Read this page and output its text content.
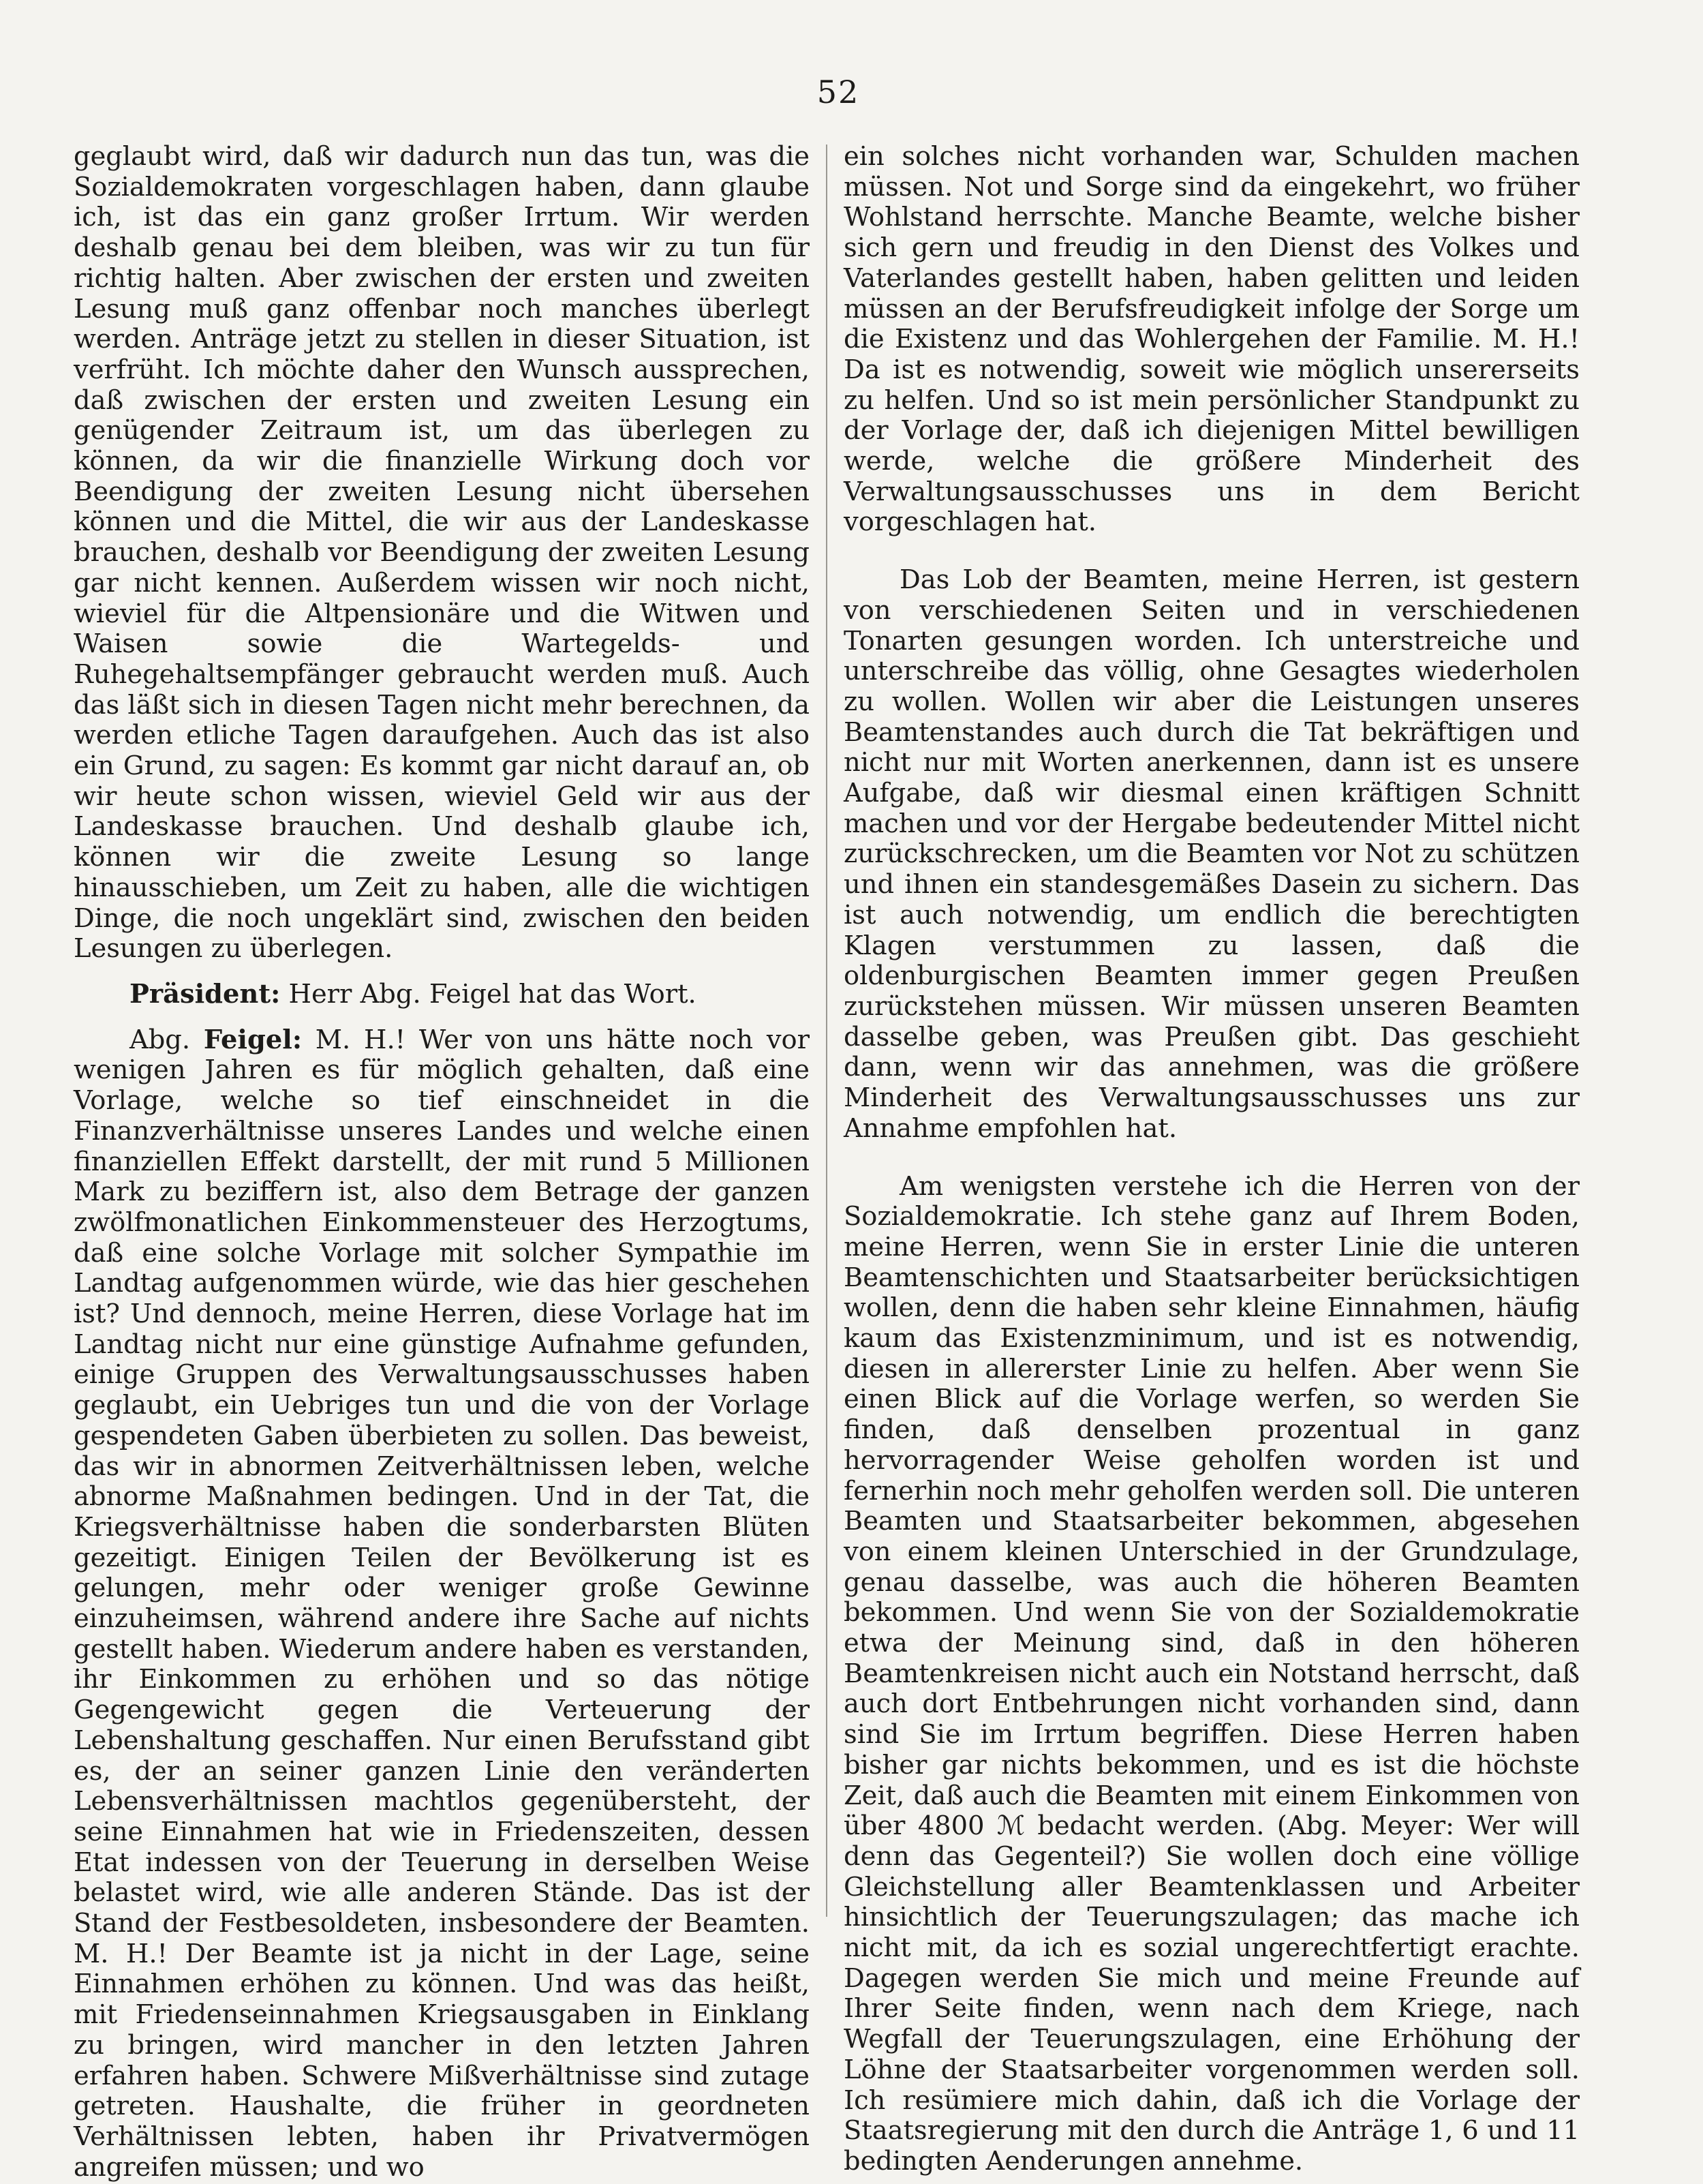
52

geglaubt wird, daß wir dadurch nun das tun, was die Sozialdemokraten vorgeschlagen haben, dann glaube ich, ist das ein ganz großer Irrtum. Wir werden deshalb genau bei dem bleiben, was wir zu tun für richtig halten. Aber zwischen der ersten und zweiten Lesung muß ganz offenbar noch manches überlegt werden. Anträge jetzt zu stellen in dieser Situation, ist verfrüht. Ich möchte daher den Wunsch aussprechen, daß zwischen der ersten und zweiten Lesung ein genügender Zeitraum ist, um das überlegen zu können, da wir die finanzielle Wirkung doch vor Beendigung der zweiten Lesung nicht übersehen können und die Mittel, die wir aus der Landeskasse brauchen, deshalb vor Beendigung der zweiten Lesung gar nicht kennen. Außerdem wissen wir noch nicht, wieviel für die Altpensionäre und die Witwen und Waisen sowie die Wartegelds- und Ruhegehaltsempfänger gebraucht werden muß. Auch das läßt sich in diesen Tagen nicht mehr berechnen, da werden etliche Tagen daraufgehen. Auch das ist also ein Grund, zu sagen: Es kommt gar nicht darauf an, ob wir heute schon wissen, wieviel Geld wir aus der Landeskasse brauchen. Und deshalb glaube ich, können wir die zweite Lesung so lange hinausschieben, um Zeit zu haben, alle die wichtigen Dinge, die noch ungeklärt sind, zwischen den beiden Lesungen zu überlegen.

Präsident: Herr Abg. Feigel hat das Wort.

Abg. Feigel: M. H.! Wer von uns hätte noch vor wenigen Jahren es für möglich gehalten, daß eine Vorlage, welche so tief einschneidet in die Finanzverhältnisse unseres Landes und welche einen finanziellen Effekt darstellt, der mit rund 5 Millionen Mark zu beziffern ist, also dem Betrage der ganzen zwölfmonatlichen Einkommensteuer des Herzogtums, daß eine solche Vorlage mit solcher Sympathie im Landtag aufgenommen würde, wie das hier geschehen ist? Und dennoch, meine Herren, diese Vorlage hat im Landtag nicht nur eine günstige Aufnahme gefunden, einige Gruppen des Verwaltungsausschusses haben geglaubt, ein Uebriges tun und die von der Vorlage gespendeten Gaben überbieten zu sollen. Das beweist, das wir in abnormen Zeitverhältnissen leben, welche abnorme Maßnahmen bedingen. Und in der Tat, die Kriegsverhältnisse haben die sonderbarsten Blüten gezeitigt. Einigen Teilen der Bevölkerung ist es gelungen, mehr oder weniger große Gewinne einzuheimsen, während andere ihre Sache auf nichts gestellt haben. Wiederum andere haben es verstanden, ihr Einkommen zu erhöhen und so das nötige Gegengewicht gegen die Verteuerung der Lebenshaltung geschaffen. Nur einen Berufsstand gibt es, der an seiner ganzen Linie den veränderten Lebensverhältnissen machtlos gegenübersteht, der seine Einnahmen hat wie in Friedenszeiten, dessen Etat indessen von der Teuerung in derselben Weise belastet wird, wie alle anderen Stände. Das ist der Stand der Festbesoldeten, insbesondere der Beamten. M. H.! Der Beamte ist ja nicht in der Lage, seine Einnahmen erhöhen zu können. Und was das heißt, mit Friedenseinnahmen Kriegsausgaben in Einklang zu bringen, wird mancher in den letzten Jahren erfahren haben. Schwere Mißverhältnisse sind zutage getreten. Haushalte, die früher in geordneten Verhältnissen lebten, haben ihr Privatvermögen angreifen müssen; und wo

ein solches nicht vorhanden war, Schulden machen müssen. Not und Sorge sind da eingekehrt, wo früher Wohlstand herrschte. Manche Beamte, welche bisher sich gern und freudig in den Dienst des Volkes und Vaterlandes gestellt haben, haben gelitten und leiden müssen an der Berufsfreudigkeit infolge der Sorge um die Existenz und das Wohlergehen der Familie. M. H.! Da ist es notwendig, soweit wie möglich unsererseits zu helfen. Und so ist mein persönlicher Standpunkt zu der Vorlage der, daß ich diejenigen Mittel bewilligen werde, welche die größere Minderheit des Verwaltungsausschusses uns in dem Bericht vorgeschlagen hat.

Das Lob der Beamten, meine Herren, ist gestern von verschiedenen Seiten und in verschiedenen Tonarten gesungen worden. Ich unterstreiche und unterschreibe das völlig, ohne Gesagtes wiederholen zu wollen. Wollen wir aber die Leistungen unseres Beamtenstandes auch durch die Tat bekräftigen und nicht nur mit Worten anerkennen, dann ist es unsere Aufgabe, daß wir diesmal einen kräftigen Schnitt machen und vor der Hergabe bedeutender Mittel nicht zurückschrecken, um die Beamten vor Not zu schützen und ihnen ein standesgemäßes Dasein zu sichern. Das ist auch notwendig, um endlich die berechtigten Klagen verstummen zu lassen, daß die oldenburgischen Beamten immer gegen Preußen zurückstehen müssen. Wir müssen unseren Beamten dasselbe geben, was Preußen gibt. Das geschieht dann, wenn wir das annehmen, was die größere Minderheit des Verwaltungsausschusses uns zur Annahme empfohlen hat.

Am wenigsten verstehe ich die Herren von der Sozialdemokratie. Ich stehe ganz auf Ihrem Boden, meine Herren, wenn Sie in erster Linie die unteren Beamtenschichten und Staatsarbeiter berücksichtigen wollen, denn die haben sehr kleine Einnahmen, häufig kaum das Existenzminimum, und ist es notwendig, diesen in allererster Linie zu helfen. Aber wenn Sie einen Blick auf die Vorlage werfen, so werden Sie finden, daß denselben prozentual in ganz hervorragender Weise geholfen worden ist und fernerhin noch mehr geholfen werden soll. Die unteren Beamten und Staatsarbeiter bekommen, abgesehen von einem kleinen Unterschied in der Grundzulage, genau dasselbe, was auch die höheren Beamten bekommen. Und wenn Sie von der Sozialdemokratie etwa der Meinung sind, daß in den höheren Beamtenkreisen nicht auch ein Notstand herrscht, daß auch dort Entbehrungen nicht vorhanden sind, dann sind Sie im Irrtum begriffen. Diese Herren haben bisher gar nichts bekommen, und es ist die höchste Zeit, daß auch die Beamten mit einem Einkommen von über 4800 ℳ bedacht werden. (Abg. Meyer: Wer will denn das Gegenteil?) Sie wollen doch eine völlige Gleichstellung aller Beamtenklassen und Arbeiter hinsichtlich der Teuerungszulagen; das mache ich nicht mit, da ich es sozial ungerechtfertigt erachte. Dagegen werden Sie mich und meine Freunde auf Ihrer Seite finden, wenn nach dem Kriege, nach Wegfall der Teuerungszulagen, eine Erhöhung der Löhne der Staatsarbeiter vorgenommen werden soll. Ich resümiere mich dahin, daß ich die Vorlage der Staatsregierung mit den durch die Anträge 1, 6 und 11 bedingten Aenderungen annehme.
